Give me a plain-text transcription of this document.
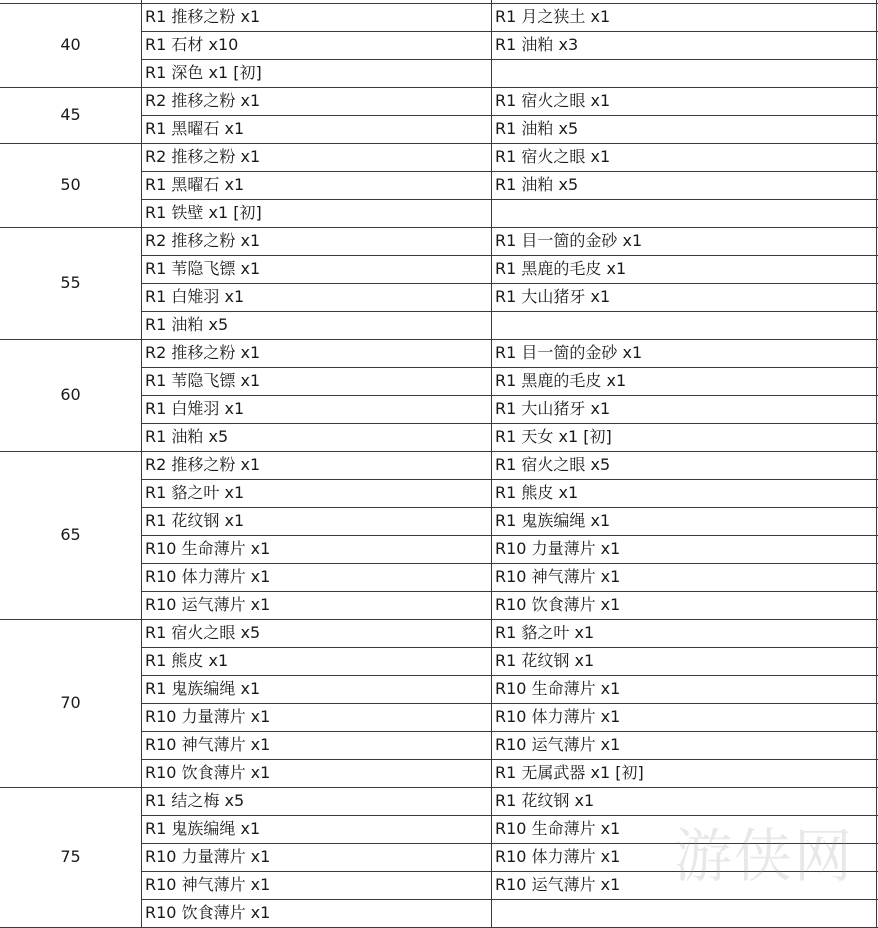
40
R1 推移之粉 x1	R1 月之狭土 x1
R1 石材 x10	R1 油粕 x3
R1 深色 x1 [初]
45
R2 推移之粉 x1	R1 宿火之眼 x1
R1 黑曜石 x1	R1 油粕 x5
50
R2 推移之粉 x1	R1 宿火之眼 x1
R1 黑曜石 x1	R1 油粕 x5
R1 铁壁 x1 [初]
55
R2 推移之粉 x1	R1 目一箇的金砂 x1
R1 苇隐飞镖 x1	R1 黑鹿的毛皮 x1
R1 白雉羽 x1	R1 大山猪牙 x1
R1 油粕 x5
60
R2 推移之粉 x1	R1 目一箇的金砂 x1
R1 苇隐飞镖 x1	R1 黑鹿的毛皮 x1
R1 白雉羽 x1	R1 大山猪牙 x1
R1 油粕 x5	R1 天女 x1 [初]
65
R2 推移之粉 x1	R1 宿火之眼 x5
R1 貉之叶 x1	R1 熊皮 x1
R1 花纹钢 x1	R1 鬼族编绳 x1
R10 生命薄片 x1	R10 力量薄片 x1
R10 体力薄片 x1	R10 神气薄片 x1
R10 运气薄片 x1	R10 饮食薄片 x1
70
R1 宿火之眼 x5	R1 貉之叶 x1
R1 熊皮 x1	R1 花纹钢 x1
R1 鬼族编绳 x1	R10 生命薄片 x1
R10 力量薄片 x1	R10 体力薄片 x1
R10 神气薄片 x1	R10 运气薄片 x1
R10 饮食薄片 x1	R1 无属武器 x1 [初]
75
R1 结之梅 x5	R1 花纹钢 x1
R1 鬼族编绳 x1	R10 生命薄片 x1
R10 力量薄片 x1	R10 体力薄片 x1
R10 神气薄片 x1	R10 运气薄片 x1
R10 饮食薄片 x1
游侠网
